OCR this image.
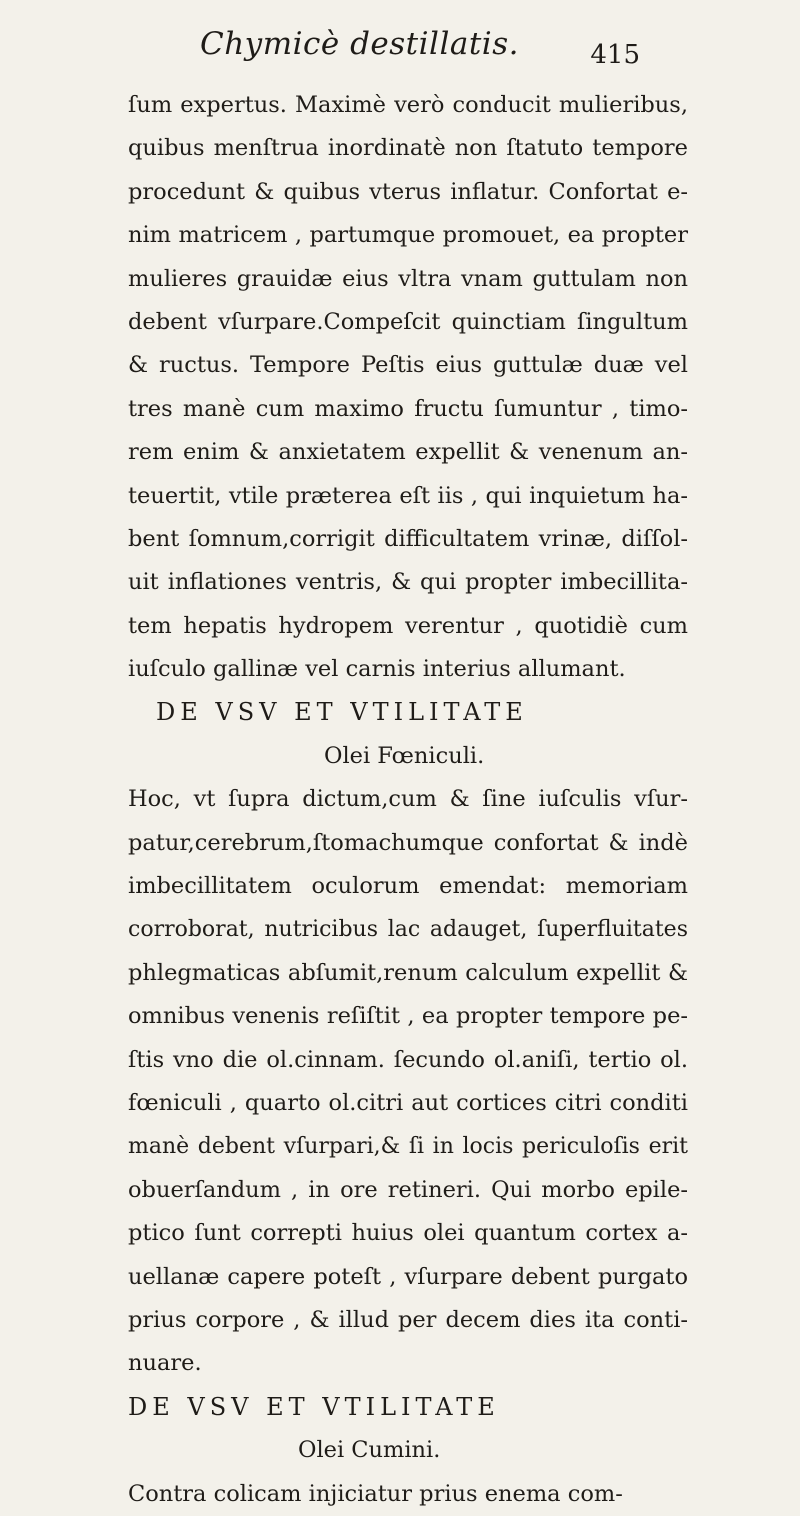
Chymicè destillatis.	415
ſum expertus. Maximè verò conducit mulieribus,
quibus menſtrua inordinatè non ſtatuto tempore
procedunt & quibus vterus inflatur. Confortat e-
nim matricem , partumque promouet, ea propter
mulieres grauidæ eius vltra vnam guttulam non
debent vſurpare.Compeſcit quinctiam ſingultum
& ructus. Tempore Peſtis eius guttulæ duæ vel
tres manè cum maximo fructu ſumuntur , timo-
rem enim & anxietatem expellit & venenum an-
teuertit, vtile præterea eſt iis , qui inquietum ha-
bent ſomnum,corrigit difficultatem vrinæ, diſſol-
uit inflationes ventris, & qui propter imbecillita-
tem hepatis hydropem verentur , quotidiè cum
iuſculo gallinæ vel carnis interius allumant.
DE VSV ET VTILITATE
Olei Fœniculi.
Hoc, vt ſupra dictum,cum & ſine iuſculis vſur-
patur,cerebrum,ſtomachumque confortat & indè
imbecillitatem oculorum emendat: memoriam
corroborat, nutricibus lac adauget, ſuperfluitates
phlegmaticas abſumit,renum calculum expellit &
omnibus venenis reſiſtit , ea propter tempore pe-
ſtis vno die ol.cinnam. ſecundo ol.aniſi, tertio ol.
fœniculi , quarto ol.citri aut cortices citri conditi
manè debent vſurpari,& ſi in locis periculoſis erit
obuerſandum , in ore retineri. Qui morbo epile-
ptico ſunt correpti huius olei quantum cortex a-
uellanæ capere poteſt , vſurpare debent purgato
prius corpore , & illud per decem dies ita conti-
nuare.
DE VSV ET VTILITATE
Olei Cumini.
Contra colicam injiciatur prius enema com-
